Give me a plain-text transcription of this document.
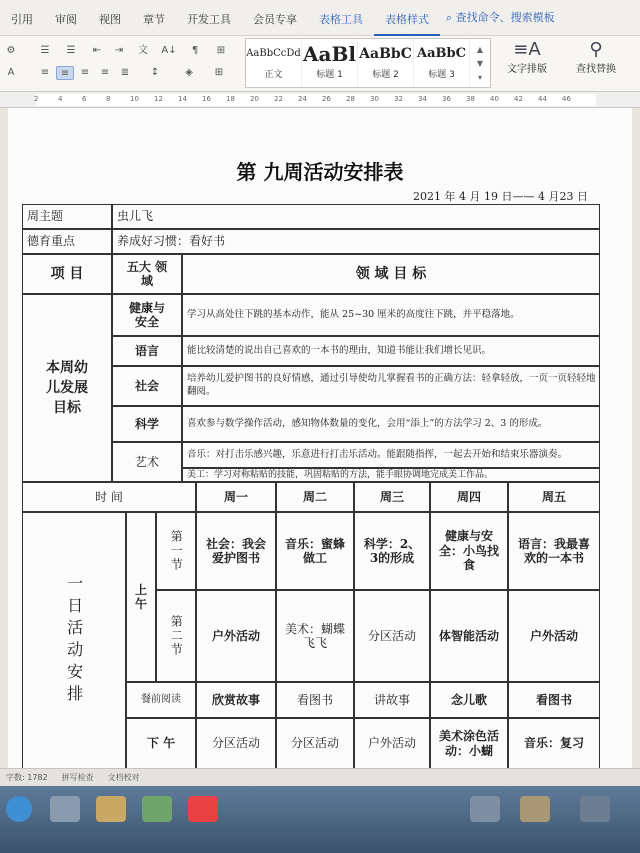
引用	审阅	视图	章节	开发工具	会员专享	表格工具	表格样式	⌕ 查找命令、搜索模板
⚙	☰	☰	⇤	⇥	文	A↓	¶	⊞
A	≡	≡	≡	≡	≣	↕	◈	⊞
AaBbCcDd
正文
AaBl
标题 1
AaBbC
标题 2
AaBbC
标题 3
▲
▼
▾
≡A
文字排版
⚲
查找替换
2	4	6	8	10 12 14 16 18 20 22 24 26 28 30 32 34 36 38 40 42 44 46
第 九周活动安排表
2021 年 4 月 19 日—— 4 月23 日
周主题	虫儿飞
德育重点	养成好习惯：看好书
项 目	五大 领域	领 域 目 标
本周幼儿发展目标
健康与安全
学习从高处往下跳的基本动作，能从 25~30 厘米的高度往下跳，并平稳落地。
语言	能比较清楚的说出自己喜欢的一本书的理由，知道书能让我们增长见识。
社会
培养幼儿爱护图书的良好情感，通过引导使幼儿掌握看书的正确方法：轻拿轻放，一页一页轻轻地翻阅。
科学	喜欢参与数学操作活动，感知物体数量的变化，会用“添上”的方法学习 2、3 的形成。
艺术
音乐：对打击乐感兴趣，乐意进行打击乐活动。能跟随指挥，一起去开始和结束乐器演奏。
美工：学习对称粘贴的技能，巩固粘贴的方法，能手眼协调地完成美工作品。
时 间	周一	周二	周三	周四	周五
一日活动安排	上午
第一节
第二节
社会：我会爱护图书
音乐：蜜蜂做工
科学：2、3的形成
健康与安全：小鸟找食
语言：我最喜欢的一本书
户外活动
美术：蝴蝶飞飞
分区活动	体智能活动	户外活动
餐前阅读	欣赏故事	看图书	讲故事	念儿歌	看图书
下 午	分区活动	分区活动	户外活动
美术涂色活动：小蝴
音乐：复习
字数: 1782 拼写检查 文档校对
